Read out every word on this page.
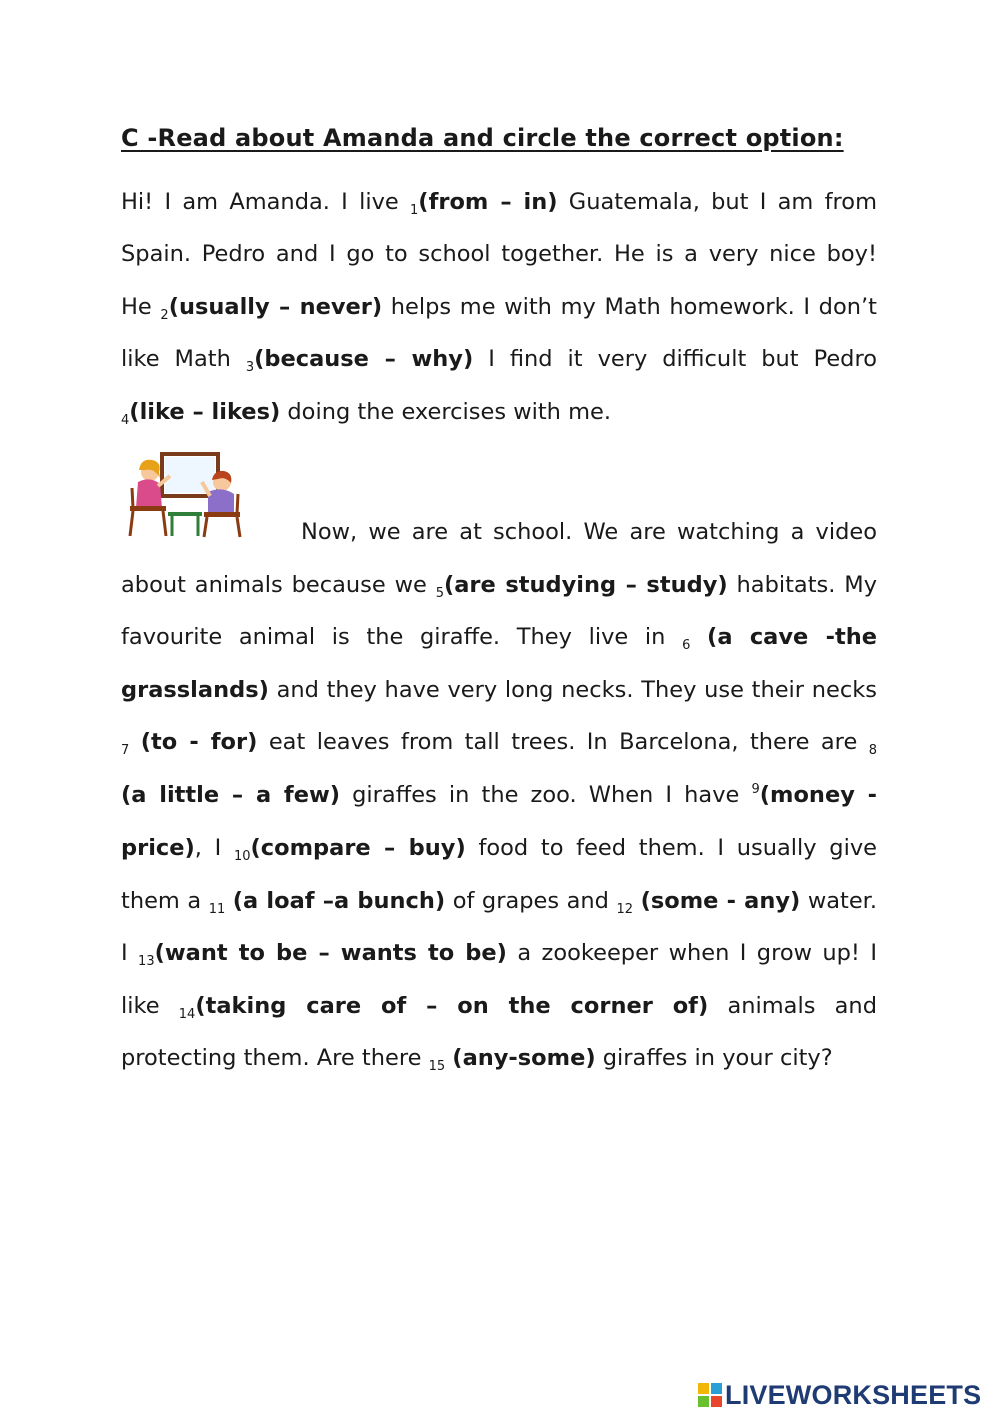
C -Read about Amanda and circle the correct option:
Hi! I am Amanda. I live $_1$(from – in) Guatemala, but I am from
Spain. Pedro and I go to school together. He is a very nice boy!
He $_2$(usually – never) helps me with my Math homework. I don’t
like Math $_3$(because – why) I find it very difficult but Pedro
$_4$(like – likes) doing the exercises with me.
Now, we are at school. We are watching a video
about animals because we $_5$(are studying – study) habitats. My
favourite animal is the giraffe. They live in $_6$ (a cave -the
grasslands) and they have very long necks. They use their necks
$_7$ (to - for) eat leaves from tall trees. In Barcelona, there are $_8$
(a little – a few) giraffes in the zoo. When I have $^9$(money -
price), I $_{10}$(compare – buy) food to feed them. I usually give
them a $_{11}$ (a loaf –a bunch) of grapes and $_{12}$ (some - any) water.
I $_{13}$(want to be – wants to be) a zookeeper when I grow up! I
like $_{14}$(taking care of – on the corner of) animals and
protecting them. Are there $_{15}$ (any-some) giraffes in your city?
LIVEWORKSHEETS
